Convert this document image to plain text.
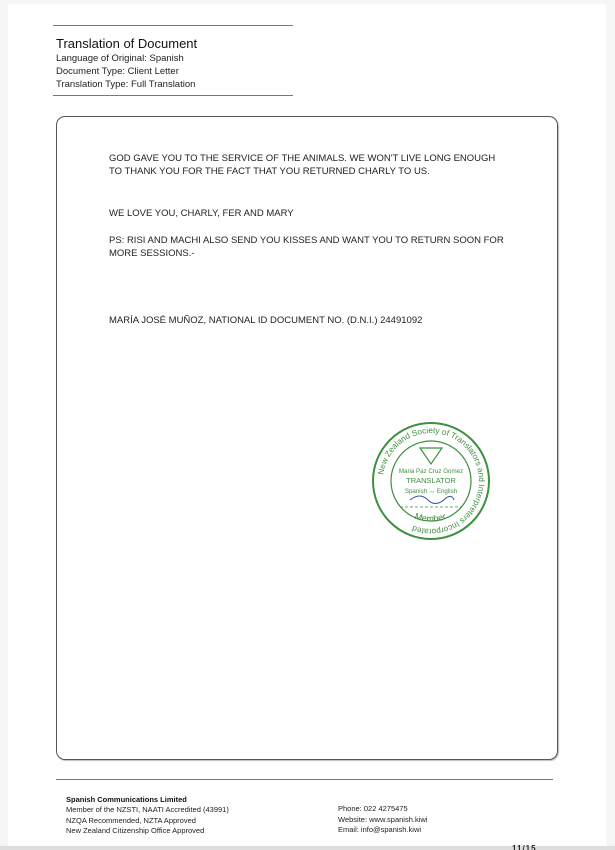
Translation of Document
Language of Original: Spanish
Document Type: Client Letter
Translation Type: Full Translation

GOD GAVE YOU TO THE SERVICE OF THE ANIMALS. WE WON'T LIVE LONG ENOUGH TO THANK YOU FOR THE FACT THAT YOU RETURNED CHARLY TO US.

WE LOVE YOU, CHARLY, FER AND MARY

PS: RISI AND MACHI ALSO SEND YOU KISSES AND WANT YOU TO RETURN SOON FOR MORE SESSIONS.-

MARÍA JOSÉ MUÑOZ, NATIONAL ID DOCUMENT NO. (D.N.I.) 24491092

New Zealand Society of Translators and Interpreters Incorporated
Member
Maria Paz Cruz Gomez
TRANSLATOR
Spanish ↔ English
Spanish Communications Limited
Member of the NZSTI, NAATI Accredited (43991)
NZQA Recommended, NZTA Approved
New Zealand Citizenship Office Approved
Phone: 022 4275475
Website: www.spanish.kiwi
Email: info@spanish.kiwi
11/15
